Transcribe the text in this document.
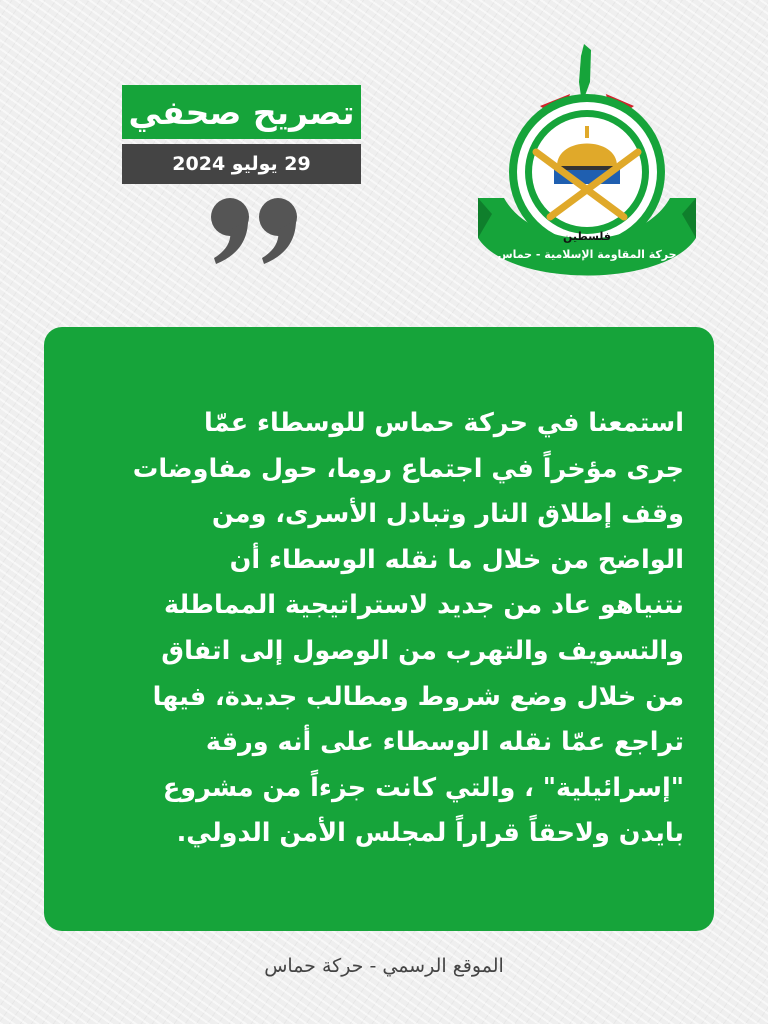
تصريح صحفي
29 يوليو 2024
حركة المقاومة الإسلامية - حماس
فلسطين
استمعنا في حركة حماس للوسطاء عمّا
جرى مؤخراً في اجتماع روما، حول مفاوضات
وقف إطلاق النار وتبادل الأسرى، ومن
الواضح من خلال ما نقله الوسطاء أن
نتنياهو عاد من جديد لاستراتيجية المماطلة
والتسويف والتهرب من الوصول إلى اتفاق
من خلال وضع شروط ومطالب جديدة، فيها
تراجع عمّا نقله الوسطاء على أنه ورقة
"إسرائيلية" ، والتي كانت جزءاً من مشروع
بايدن ولاحقاً قراراً لمجلس الأمن الدولي.
الموقع الرسمي - حركة حماس
